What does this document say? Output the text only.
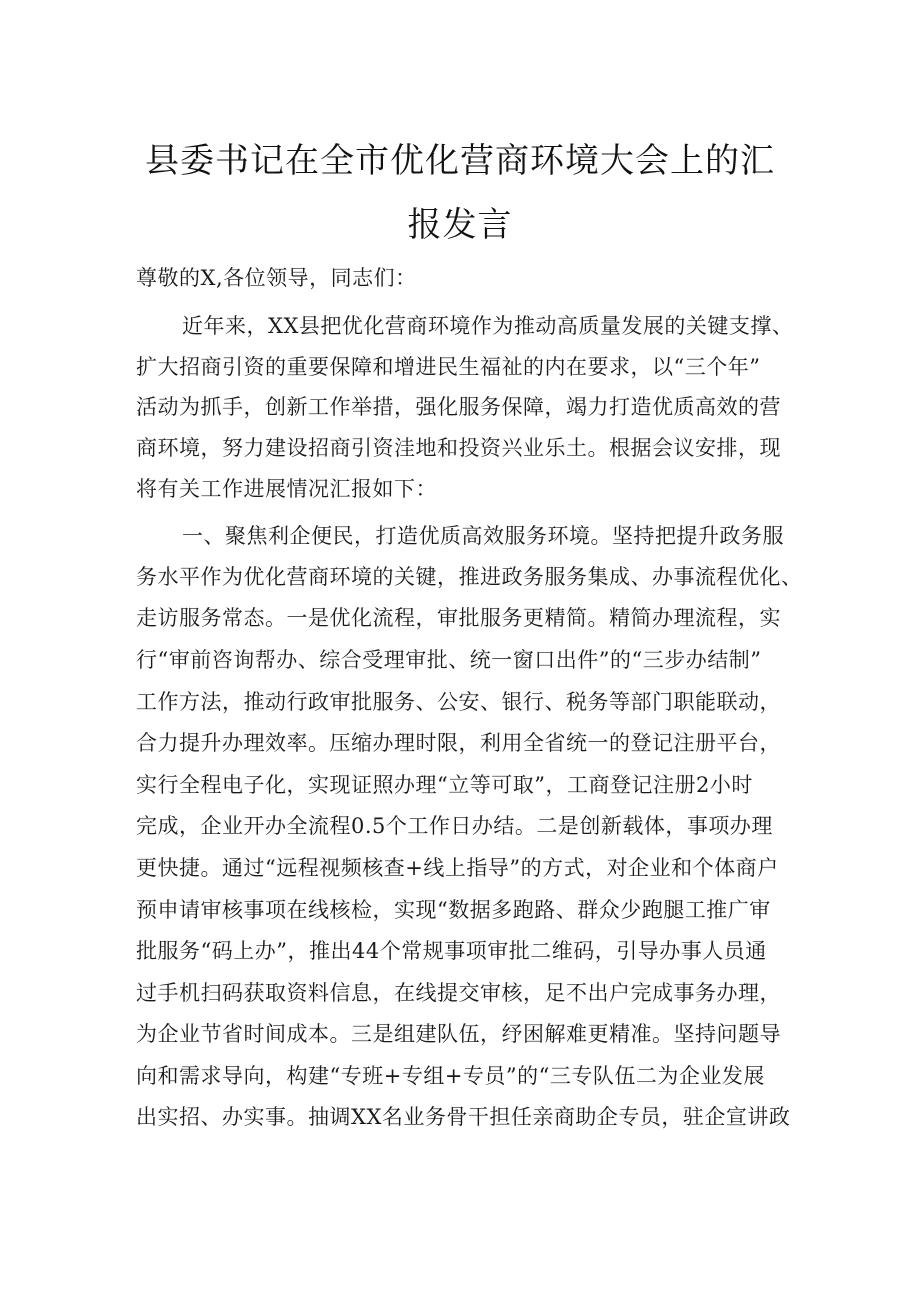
县委书记在全市优化营商环境大会上的汇
报发言

尊敬的X,各位领导，同志们：

近年来，XX县把优化营商环境作为推动高质量发展的关键支撑、

扩大招商引资的重要保障和增进民生福祉的内在要求，以“三个年”

活动为抓手，创新工作举措，强化服务保障，竭力打造优质高效的营

商环境，努力建设招商引资洼地和投资兴业乐土。根据会议安排，现

将有关工作进展情况汇报如下：

一、聚焦利企便民，打造优质高效服务环境。坚持把提升政务服

务水平作为优化营商环境的关键，推进政务服务集成、办事流程优化、

走访服务常态。一是优化流程，审批服务更精简。精简办理流程，实

行“审前咨询帮办、综合受理审批、统一窗口出件”的“三步办结制”

工作方法，推动行政审批服务、公安、银行、税务等部门职能联动，

合力提升办理效率。压缩办理时限，利用全省统一的登记注册平台，

实行全程电子化，实现证照办理“立等可取”，工商登记注册2小时

完成，企业开办全流程0.5个工作日办结。二是创新载体，事项办理

更快捷。通过“远程视频核查+线上指导”的方式，对企业和个体商户

预申请审核事项在线核检，实现“数据多跑路、群众少跑腿工推广审

批服务“码上办”，推出44个常规事项审批二维码，引导办事人员通

过手机扫码获取资料信息，在线提交审核，足不出户完成事务办理，

为企业节省时间成本。三是组建队伍，纾困解难更精准。坚持问题导

向和需求导向，构建“专班+专组+专员”的“三专队伍二为企业发展

出实招、办实事。抽调XX名业务骨干担任亲商助企专员，驻企宣讲政
